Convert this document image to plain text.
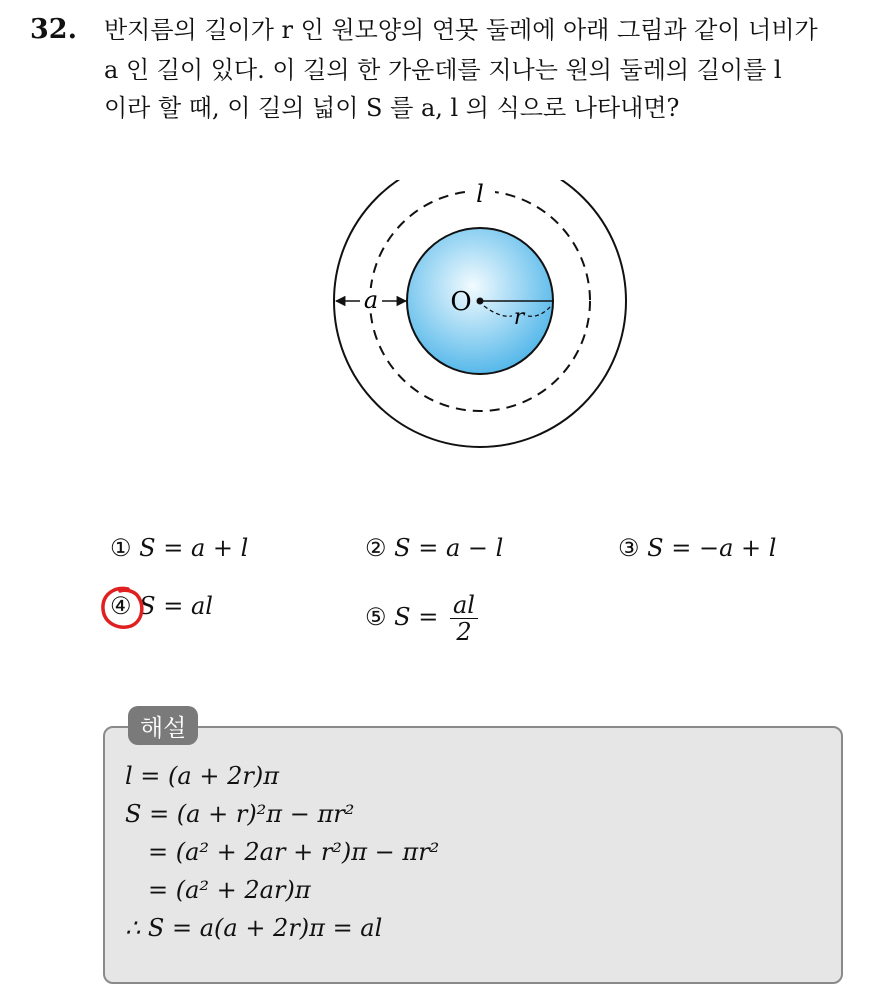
32. 반지름의 길이가 r 인 원모양의 연못 둘레에 아래 그림과 같이 너비가
a 인 길이 있다. 이 길의 한 가운데를 지나는 원의 둘레의 길이를 l
이라 할 때, 이 길의 넓이 S 를 a, l 의 식으로 나타내면?
l
a	O
r
① S = a + l	② S = a − l	③ S = −a + l
④ S = al	⑤ $S = \frac{al}{2}$
해설
l = (a + 2r)π
S = (a + r)²π − πr²
= (a² + 2ar + r²)π − πr²
= (a² + 2ar)π
∴ S = a(a + 2r)π = al
